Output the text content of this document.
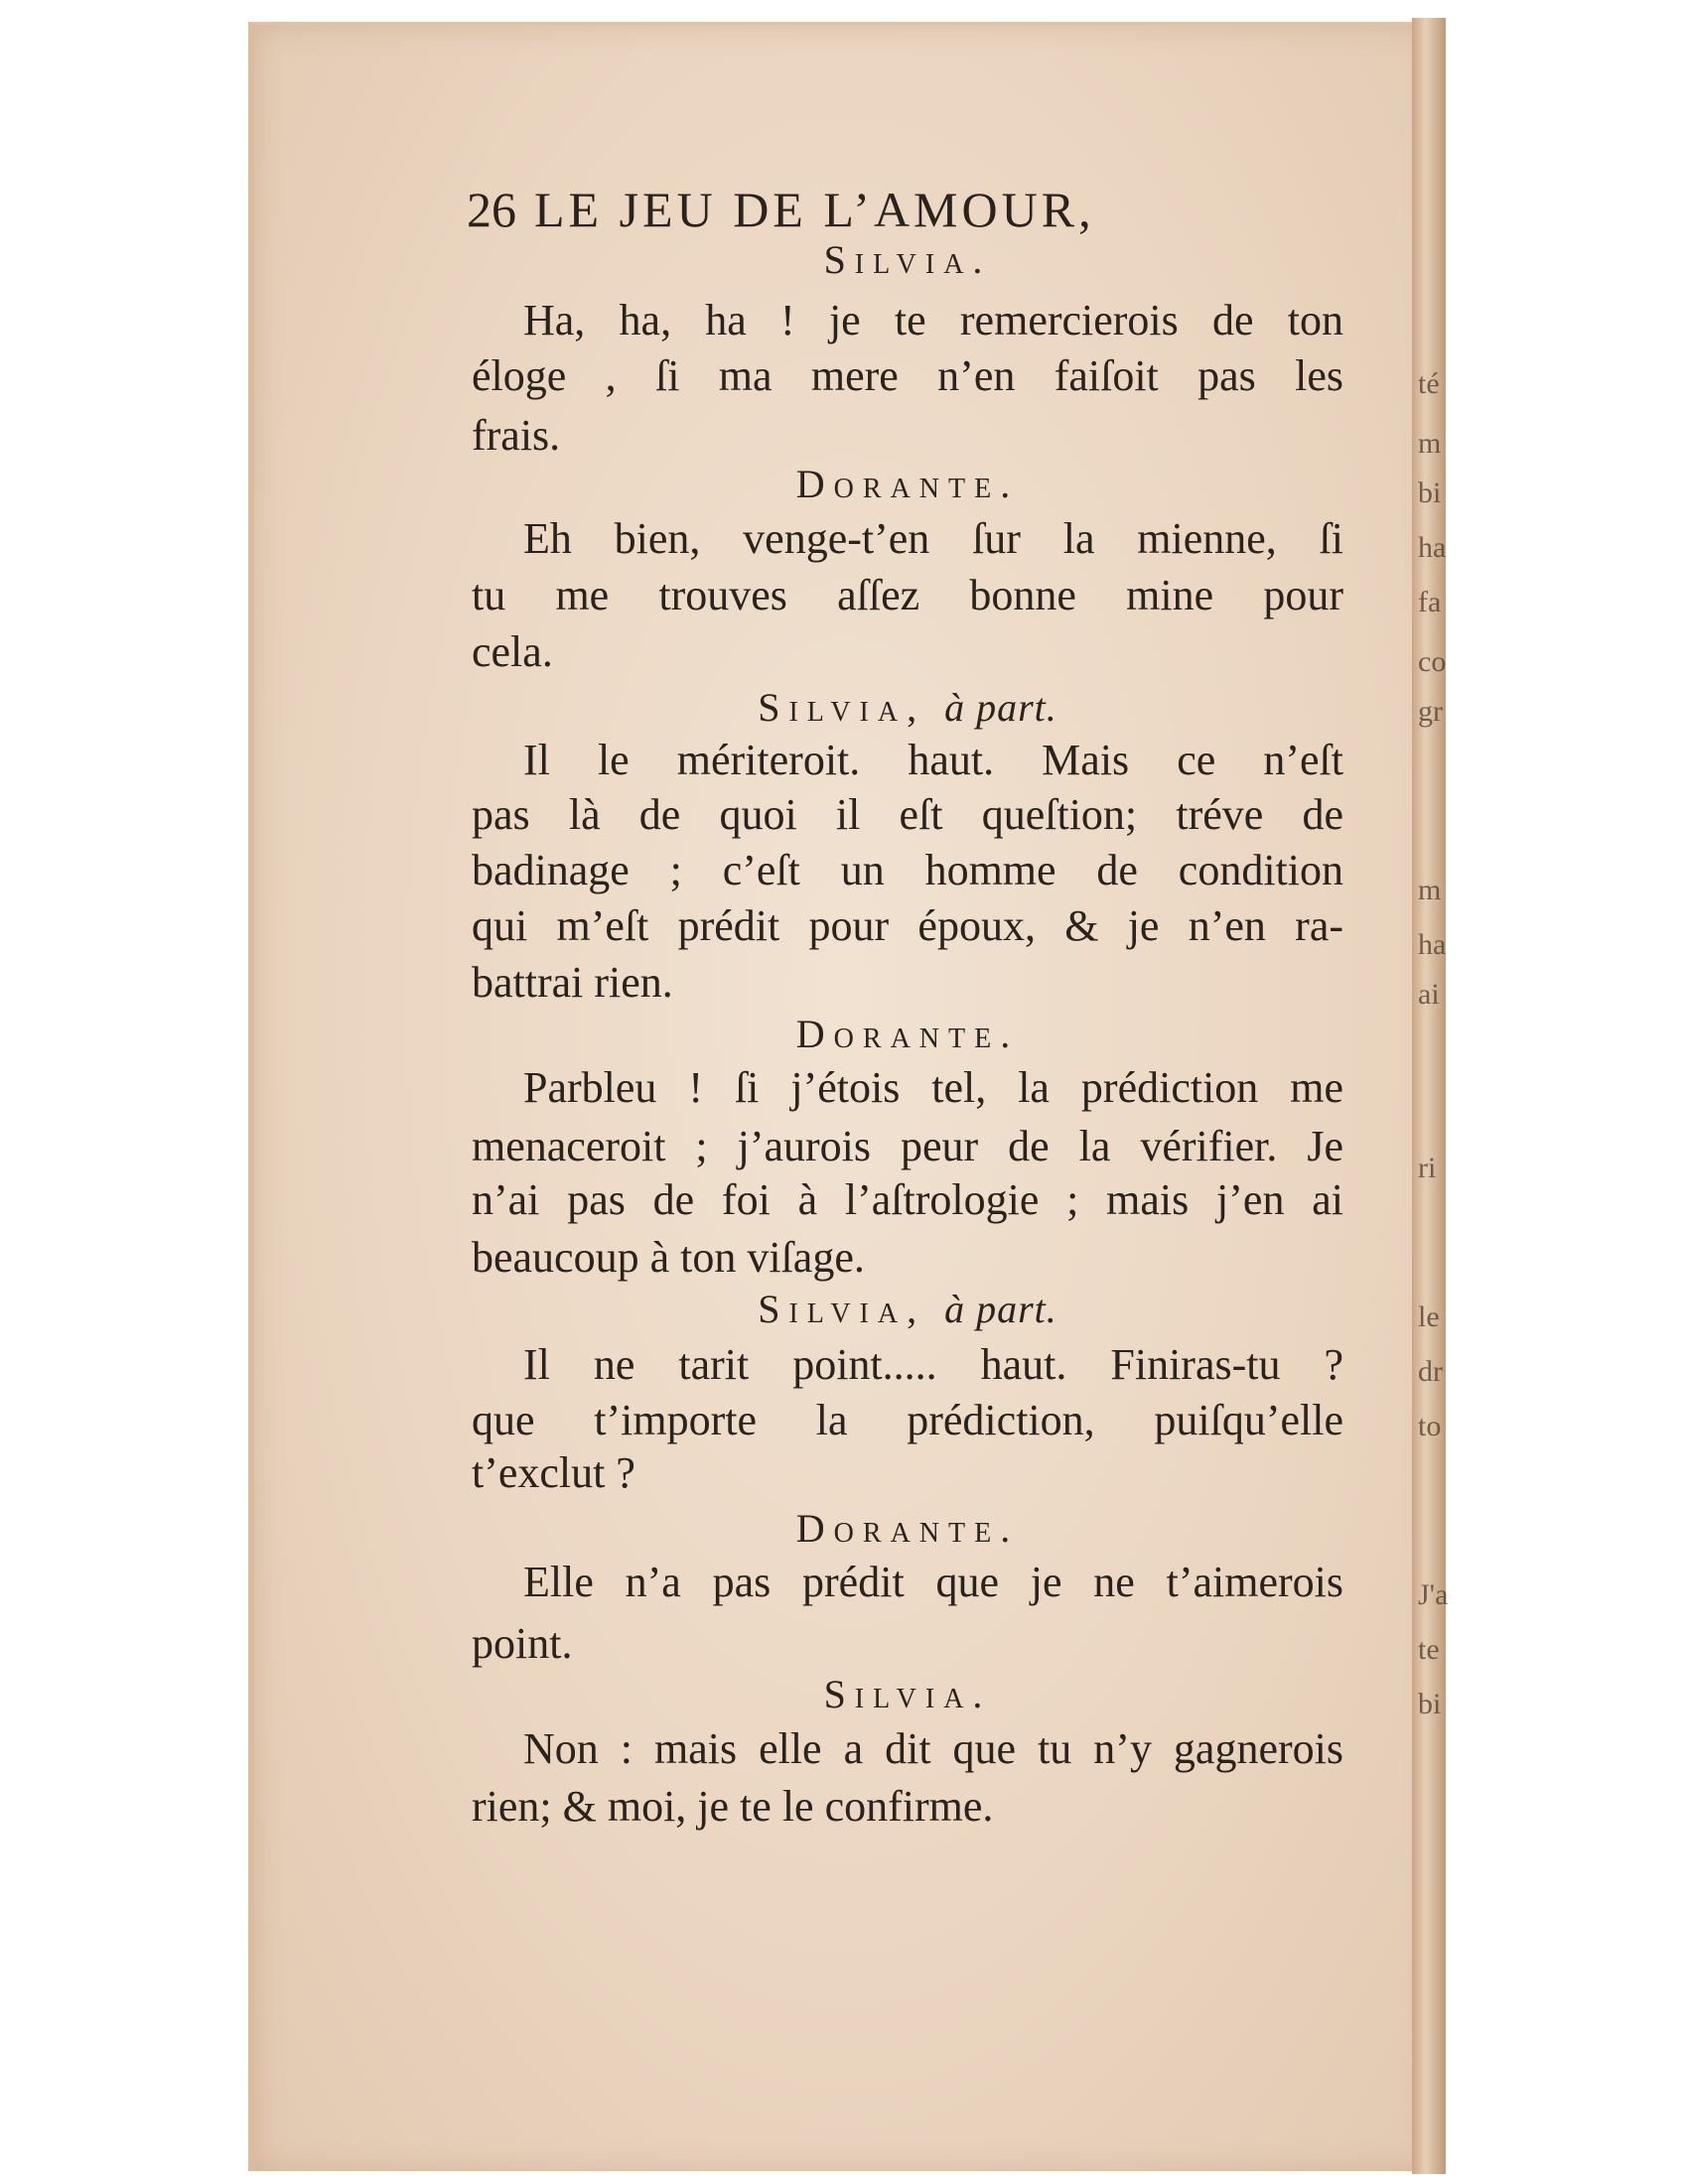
té
m
bi
ha
fa
co
gr
m
ha
ai
ri
le
dr
to
J'a
te
bi
26 LE JEU DE L’AMOUR,
Silvia.
Ha, ha, ha ! je te remercierois de ton
éloge , ſi ma mere n’en faiſoit pas les
frais.
Dorante.
Eh bien, venge-t’en ſur la mienne, ſi
tu me trouves aſſez bonne mine pour
cela.
Silvia, à part.
Il le mériteroit. haut. Mais ce n’eſt
pas là de quoi il eſt queſtion; tréve de
badinage ; c’eſt un homme de condition
qui m’eſt prédit pour époux, & je n’en ra-
battrai rien.
Dorante.
Parbleu ! ſi j’étois tel, la prédiction me
menaceroit ; j’aurois peur de la vérifier. Je
n’ai pas de foi à l’aſtrologie ; mais j’en ai
beaucoup à ton viſage.
Silvia, à part.
Il ne tarit point..... haut. Finiras-tu ?
que t’importe la prédiction, puiſqu’elle
t’exclut ?
Dorante.
Elle n’a pas prédit que je ne t’aimerois
point.
Silvia.
Non : mais elle a dit que tu n’y gagnerois
rien; & moi, je te le confirme.
